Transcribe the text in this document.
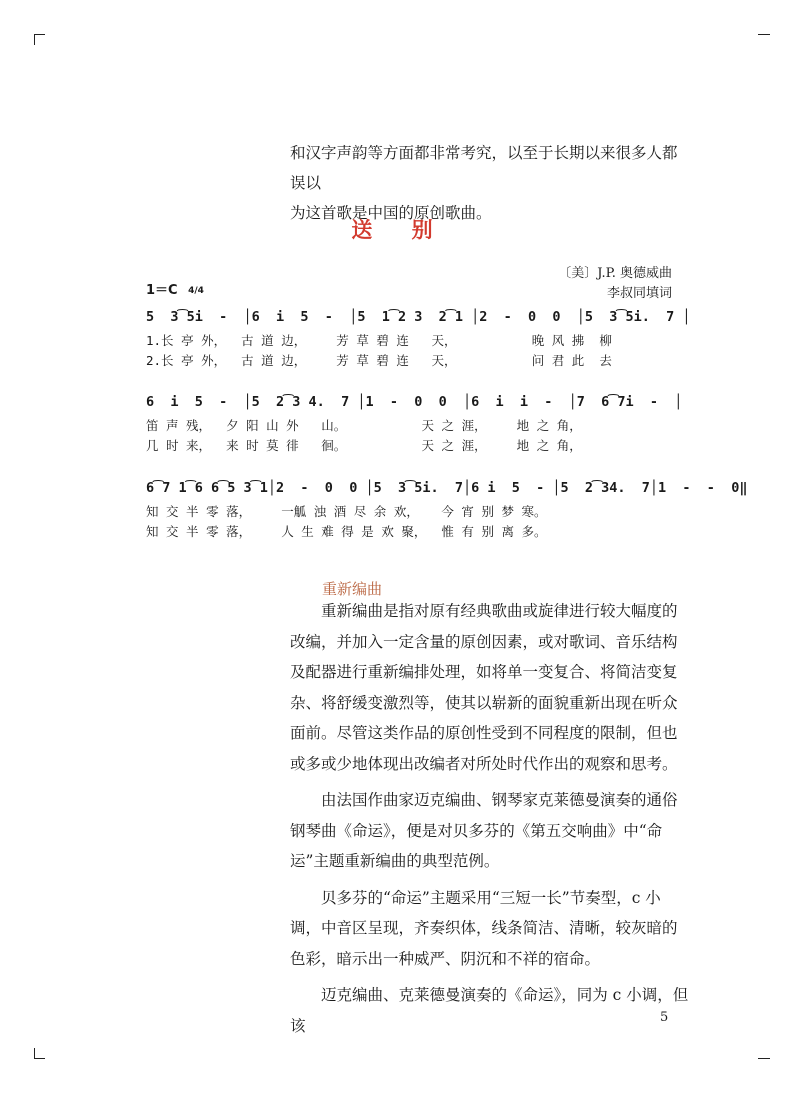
和汉字声韵等方面都非常考究，以至于长期以来很多人都误以

为这首歌是中国的原创歌曲。

送 别
〔美〕J.P. 奥德威曲
李叔同填词
1＝C 4/4
5  3͡5i  -  │6  i  5  -  │5  1͡2 3  2͡1 │2  -  0  0  │5  3͡5i.  7 │
1.长 亭 外，  古 道 边，    芳 草 碧 连   天，          晚 风 拂  柳
2.长 亭 外，  古 道 边，    芳 草 碧 连   天，          问 君 此  去
6  i  5  -  │5  2͡3 4.  7 │1  -  0  0  │6  i  i  -  │7  6͡7i  -  │
笛 声 残，  夕 阳 山 外   山。          天 之 涯，    地 之 角，
几 时 来，  来 时 莫 徘   徊。          天 之 涯，    地 之 角，
6͡7 1͡6 6͡5 3͡1│2  -  0  0 │5  3͡5i.  7│6 i  5  - │5  2͡34.  7│1  -  -  0‖
知 交 半 零 落，    一觚 浊 酒 尽 余 欢，   今 宵 别 梦 寒。
知 交 半 零 落，    人 生 难 得 是 欢 聚，  惟 有 别 离 多。
重新编曲

重新编曲是指对原有经典歌曲或旋律进行较大幅度的改编，并加入一定含量的原创因素，或对歌词、音乐结构及配器进行重新编排处理，如将单一变复合、将简洁变复杂、将舒缓变激烈等，使其以崭新的面貌重新出现在听众面前。尽管这类作品的原创性受到不同程度的限制，但也或多或少地体现出改编者对所处时代作出的观察和思考。

由法国作曲家迈克编曲、钢琴家克莱德曼演奏的通俗钢琴曲《命运》，便是对贝多芬的《第五交响曲》中“命运”主题重新编曲的典型范例。

贝多芬的“命运”主题采用“三短一长”节奏型，c 小调，中音区呈现，齐奏织体，线条简洁、清晰，较灰暗的色彩，暗示出一种威严、阴沉和不祥的宿命。

迈克编曲、克莱德曼演奏的《命运》，同为 c 小调，但该	5
